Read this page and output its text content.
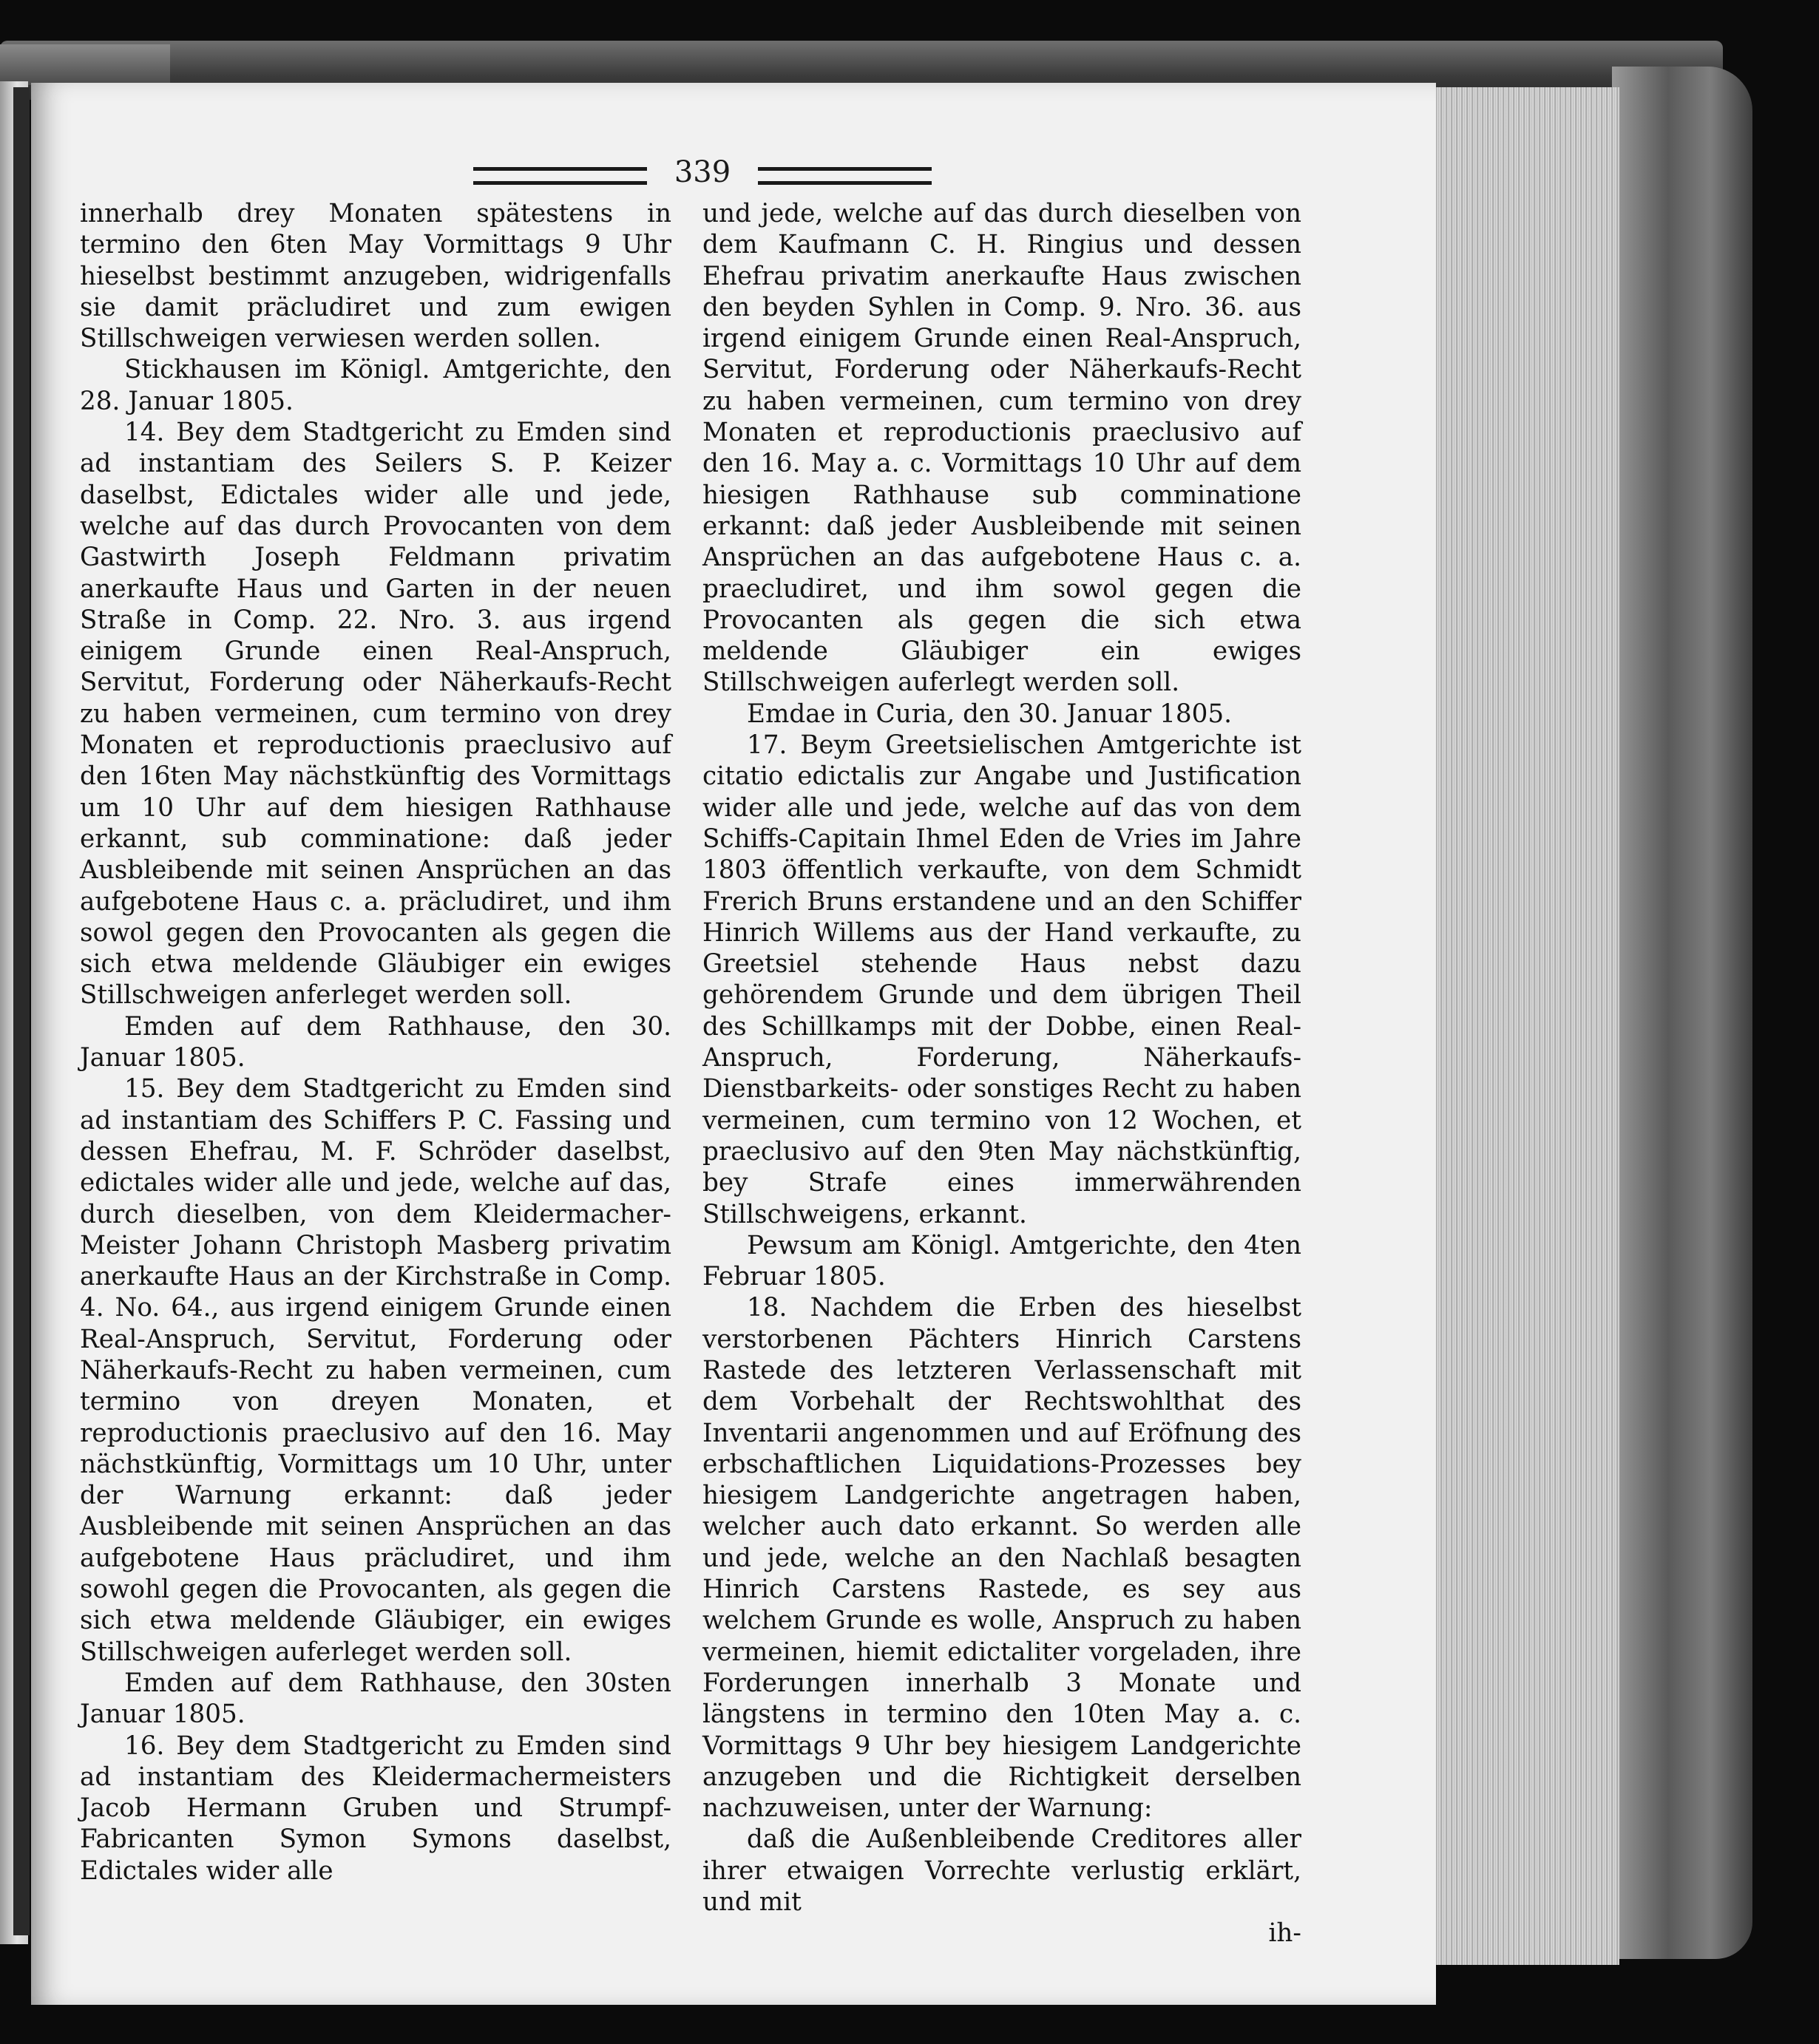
339

innerhalb drey Monaten spätestens in termino den 6ten May Vormittags 9 Uhr hieselbst bestimmt anzugeben, widrigenfalls sie damit präcludiret und zum ewigen Stillschweigen verwiesen werden sollen.

Stickhausen im Königl. Amtgerichte, den 28. Januar 1805.

14. Bey dem Stadtgericht zu Emden sind ad instantiam des Seilers S. P. Keizer daselbst, Edictales wider alle und jede, welche auf das durch Provocanten von dem Gastwirth Joseph Feldmann privatim anerkaufte Haus und Garten in der neuen Straße in Comp. 22. Nro. 3. aus irgend einigem Grunde einen Real-Anspruch, Servitut, Forderung oder Näherkaufs-Recht zu haben vermeinen, cum termino von drey Monaten et reproductionis praeclusivo auf den 16ten May nächstkünftig des Vormittags um 10 Uhr auf dem hiesigen Rathhause erkannt, sub comminatione: daß jeder Ausbleibende mit seinen Ansprüchen an das aufgebotene Haus c. a. präcludiret, und ihm sowol gegen den Provocanten als gegen die sich etwa meldende Gläubiger ein ewiges Stillschweigen anferleget werden soll.

Emden auf dem Rathhause, den 30. Januar 1805.

15. Bey dem Stadtgericht zu Emden sind ad instantiam des Schiffers P. C. Fassing und dessen Ehefrau, M. F. Schröder daselbst, edictales wider alle und jede, welche auf das, durch dieselben, von dem Kleidermacher-Meister Johann Christoph Masberg privatim anerkaufte Haus an der Kirchstraße in Comp. 4. No. 64., aus irgend einigem Grunde einen Real-Anspruch, Servitut, Forderung oder Näherkaufs-Recht zu haben vermeinen, cum termino von dreyen Monaten, et reproductionis praeclusivo auf den 16. May nächstkünftig, Vormittags um 10 Uhr, unter der Warnung erkannt: daß jeder Ausbleibende mit seinen Ansprüchen an das aufgebotene Haus präcludiret, und ihm sowohl gegen die Provocanten, als gegen die sich etwa meldende Gläubiger, ein ewiges Stillschweigen auferleget werden soll.

Emden auf dem Rathhause, den 30sten Januar 1805.

16. Bey dem Stadtgericht zu Emden sind ad instantiam des Kleidermachermeisters Jacob Hermann Gruben und Strumpf-Fabricanten Symon Symons daselbst, Edictales wider alle

und jede, welche auf das durch dieselben von dem Kaufmann C. H. Ringius und dessen Ehefrau privatim anerkaufte Haus zwischen den beyden Syhlen in Comp. 9. Nro. 36. aus irgend einigem Grunde einen Real-Anspruch, Servitut, Forderung oder Näherkaufs-Recht zu haben vermeinen, cum termino von drey Monaten et reproductionis praeclusivo auf den 16. May a. c. Vormittags 10 Uhr auf dem hiesigen Rathhause sub comminatione erkannt: daß jeder Ausbleibende mit seinen Ansprüchen an das aufgebotene Haus c. a. praecludiret, und ihm sowol gegen die Provocanten als gegen die sich etwa meldende Gläubiger ein ewiges Stillschweigen auferlegt werden soll.

Emdae in Curia, den 30. Januar 1805.

17. Beym Greetsielischen Amtgerichte ist citatio edictalis zur Angabe und Justification wider alle und jede, welche auf das von dem Schiffs-Capitain Ihmel Eden de Vries im Jahre 1803 öffentlich verkaufte, von dem Schmidt Frerich Bruns erstandene und an den Schiffer Hinrich Willems aus der Hand verkaufte, zu Greetsiel stehende Haus nebst dazu gehörendem Grunde und dem übrigen Theil des Schillkamps mit der Dobbe, einen Real-Anspruch, Forderung, Näherkaufs- Dienstbarkeits- oder sonstiges Recht zu haben vermeinen, cum termino von 12 Wochen, et praeclusivo auf den 9ten May nächstkünftig, bey Strafe eines immerwährenden Stillschweigens, erkannt.

Pewsum am Königl. Amtgerichte, den 4ten Februar 1805.

18. Nachdem die Erben des hieselbst verstorbenen Pächters Hinrich Carstens Rastede des letzteren Verlassenschaft mit dem Vorbehalt der Rechtswohlthat des Inventarii angenommen und auf Eröfnung des erbschaftlichen Liquidations-Prozesses bey hiesigem Landgerichte angetragen haben, welcher auch dato erkannt. So werden alle und jede, welche an den Nachlaß besagten Hinrich Carstens Rastede, es sey aus welchem Grunde es wolle, Anspruch zu haben vermeinen, hiemit edictaliter vorgeladen, ihre Forderungen innerhalb 3 Monate und längstens in termino den 10ten May a. c. Vormittags 9 Uhr bey hiesigem Landgerichte anzugeben und die Richtigkeit derselben nachzuweisen, unter der Warnung:

daß die Außenbleibende Creditores aller ihrer etwaigen Vorrechte verlustig erklärt, und mit

ih-
